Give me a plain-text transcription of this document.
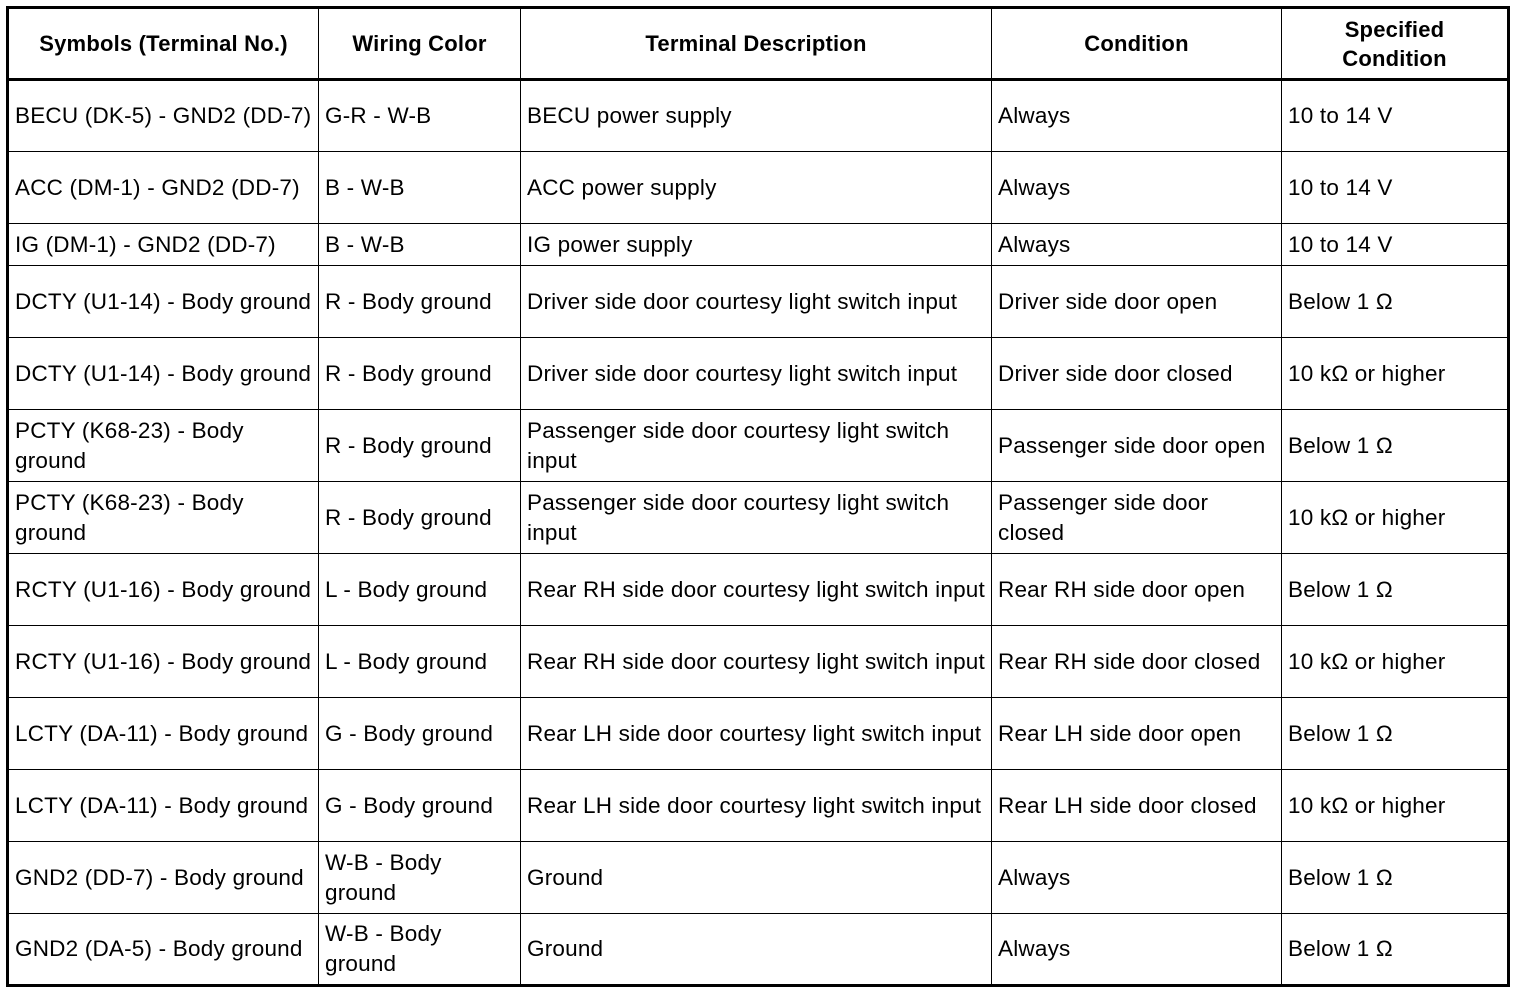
Symbols (Terminal No.)	Wiring Color	Terminal Description	Condition	Specified Condition
BECU (DK-5) - GND2 (DD-7)	G-R - W-B	BECU power supply	Always	10 to 14 V
ACC (DM-1) - GND2 (DD-7)	B - W-B	ACC power supply	Always	10 to 14 V
IG (DM-1) - GND2 (DD-7)	B - W-B	IG power supply	Always	10 to 14 V
DCTY (U1-14) - Body ground	R - Body ground	Driver side door courtesy light switch input	Driver side door open	Below 1 Ω
DCTY (U1-14) - Body ground	R - Body ground	Driver side door courtesy light switch input	Driver side door closed	10 kΩ or higher
PCTY (K68-23) - Body ground	R - Body ground	Passenger side door courtesy light switch input	Passenger side door open	Below 1 Ω
PCTY (K68-23) - Body ground	R - Body ground	Passenger side door courtesy light switch input	Passenger side door closed	10 kΩ or higher
RCTY (U1-16) - Body ground	L - Body ground	Rear RH side door courtesy light switch input	Rear RH side door open	Below 1 Ω
RCTY (U1-16) - Body ground	L - Body ground	Rear RH side door courtesy light switch input	Rear RH side door closed	10 kΩ or higher
LCTY (DA-11) - Body ground	G - Body ground	Rear LH side door courtesy light switch input	Rear LH side door open	Below 1 Ω
LCTY (DA-11) - Body ground	G - Body ground	Rear LH side door courtesy light switch input	Rear LH side door closed	10 kΩ or higher
GND2 (DD-7) - Body ground	W-B - Body ground	Ground	Always	Below 1 Ω
GND2 (DA-5) - Body ground	W-B - Body ground	Ground	Always	Below 1 Ω
